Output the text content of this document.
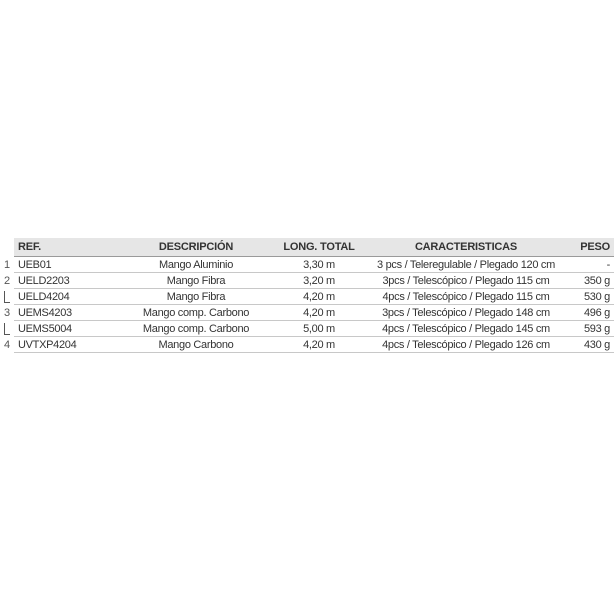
1
2
3
4
REF.	DESCRIPCIÓN	LONG. TOTAL	CARACTERISTICAS	PESO
UEB01	Mango Aluminio	3,30 m	3 pcs / Teleregulable / Plegado 120 cm	-
UELD2203	Mango Fibra	3,20 m	3pcs / Telescópico / Plegado 115 cm	350 g
UELD4204	Mango Fibra	4,20 m	4pcs / Telescópico / Plegado 115 cm	530 g
UEMS4203	Mango comp. Carbono	4,20 m	3pcs / Telescópico / Plegado 148 cm	496 g
UEMS5004	Mango comp. Carbono	5,00 m	4pcs / Telescópico / Plegado 145 cm	593 g
UVTXP4204	Mango Carbono	4,20 m	4pcs / Telescópico / Plegado 126 cm	430 g
